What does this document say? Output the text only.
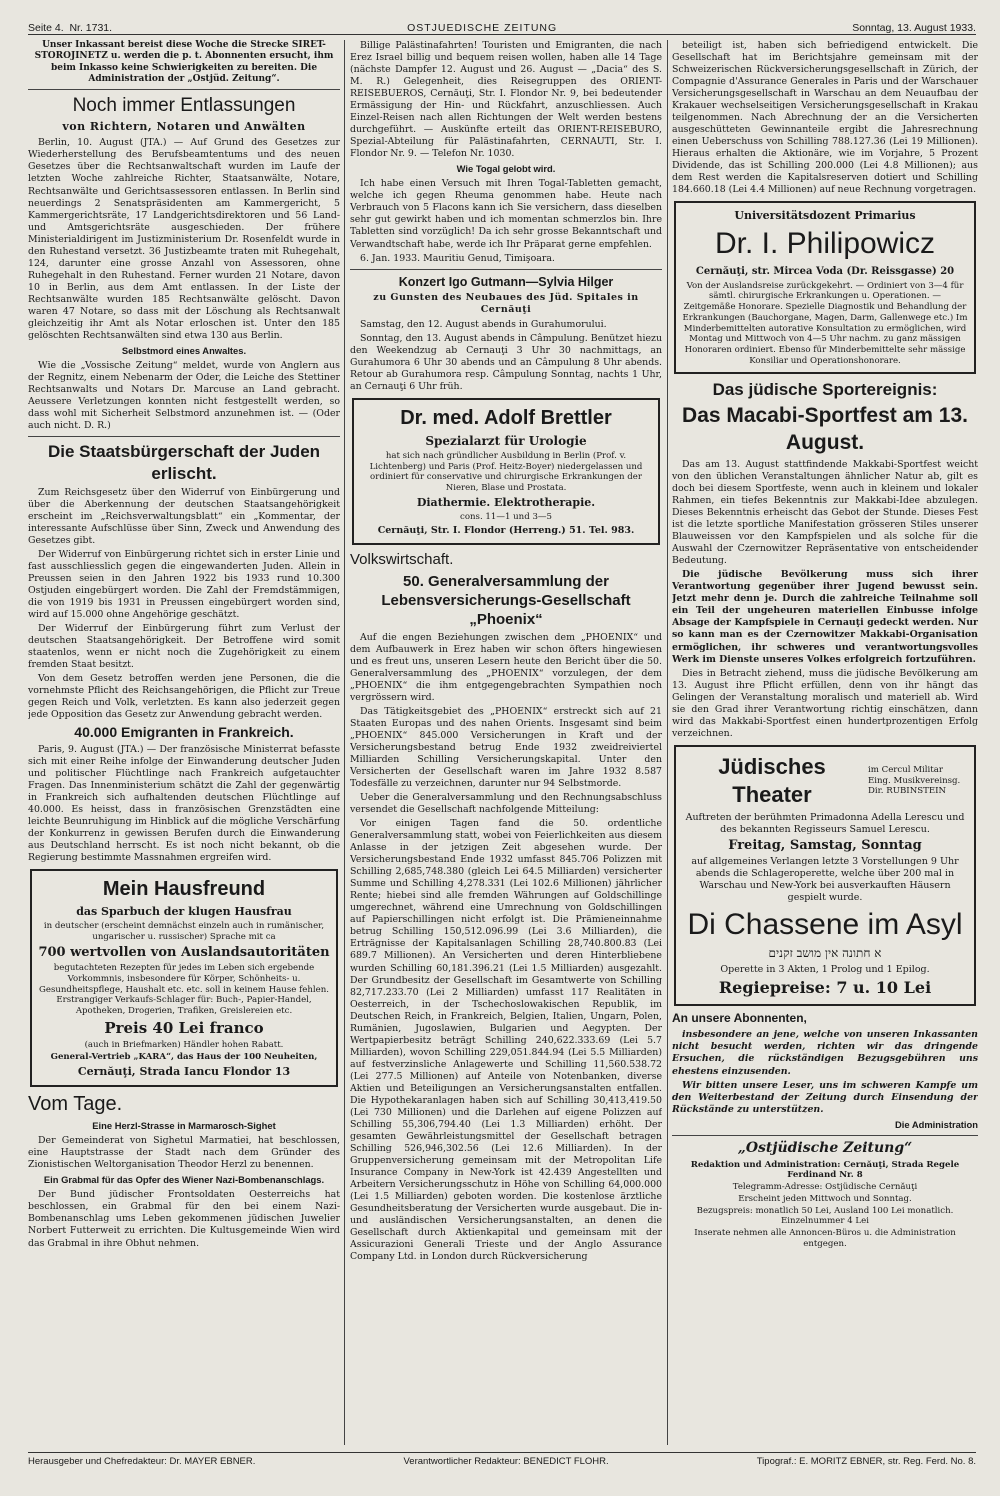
Seite 4. Nr. 1731.	OSTJUEDISCHE ZEITUNG	Sonntag, 13. August 1933.
Unser Inkassant bereist diese Woche die Strecke SIRET-STOROJINETZ u. werden die p. t. Abonnenten ersucht, ihm beim Inkasso keine Schwierigkeiten zu bereiten. Die Administration der „Ostjüd. Zeitung“.
Noch immer Entlassungen
von Richtern, Notaren und Anwälten

Berlin, 10. August (JTA.) — Auf Grund des Gesetzes zur Wiederherstellung des Berufsbeamtentums und des neuen Gesetzes über die Rechtsanwaltschaft wurden im Laufe der letzten Woche zahlreiche Richter, Staatsanwälte, Notare, Rechtsanwälte und Gerichtsassessoren entlassen. In Berlin sind neuerdings 2 Senatspräsidenten am Kammergericht, 5 Kammergerichtsräte, 17 Landgerichtsdirektoren und 56 Land- und Amtsgerichtsräte ausgeschieden. Der frühere Ministerialdirigent im Justizministerium Dr. Rosenfeldt wurde in den Ruhestand versetzt. 36 Justizbeamte traten mit Ruhegehalt, 124, darunter eine grosse Anzahl von Assessoren, ohne Ruhegehalt in den Ruhestand. Ferner wurden 21 Notare, davon 10 in Berlin, aus dem Amt entlassen. In der Liste der Rechtsanwälte wurden 185 Rechtsanwälte gelöscht. Davon waren 47 Notare, so dass mit der Löschung als Rechtsanwalt gleichzeitig ihr Amt als Notar erloschen ist. Unter den 185 gelöschten Rechtsanwälten sind etwa 130 aus Berlin.

Selbstmord eines Anwaltes.

Wie die „Vossische Zeitung“ meldet, wurde von Anglern aus der Regnitz, einem Nebenarm der Oder, die Leiche des Stettiner Rechtsanwalts und Notars Dr. Marcuse an Land gebracht. Aeussere Verletzungen konnten nicht festgestellt werden, so dass wohl mit Sicherheit Selbstmord anzunehmen ist. — (Oder auch nicht. D. R.)

Die Staatsbürgerschaft der Juden erlischt.

Zum Reichsgesetz über den Widerruf von Einbürgerung und über die Aberkennung der deutschen Staatsangehörigkeit erscheint im „Reichsverwaltungsblatt“ ein „Kommentar, der interessante Aufschlüsse über Sinn, Zweck und Anwendung des Gesetzes gibt.

Der Widerruf von Einbürgerung richtet sich in erster Linie und fast ausschliesslich gegen die eingewanderten Juden. Allein in Preussen seien in den Jahren 1922 bis 1933 rund 10.300 Ostjuden eingebürgert worden. Die Zahl der Fremdstämmigen, die von 1919 bis 1931 in Preussen eingebürgert worden sind, wird auf 15.000 ohne Angehörige geschätzt.

Der Widerruf der Einbürgerung führt zum Verlust der deutschen Staatsangehörigkeit. Der Betroffene wird somit staatenlos, wenn er nicht noch die Zugehörigkeit zu einem fremden Staat besitzt.

Von dem Gesetz betroffen werden jene Personen, die die vornehmste Pflicht des Reichsangehörigen, die Pflicht zur Treue gegen Reich und Volk, verletzten. Es kann also jederzeit gegen jede Opposition das Gesetz zur Anwendung gebracht werden.

40.000 Emigranten in Frankreich.

Paris, 9. August (JTA.) — Der französische Ministerrat befasste sich mit einer Reihe infolge der Einwanderung deutscher Juden und politischer Flüchtlinge nach Frankreich aufgetauchter Fragen. Das Innenministerium schätzt die Zahl der gegenwärtig in Frankreich sich aufhaltenden deutschen Flüchtlinge auf 40.000. Es heisst, dass in französischen Grenzstädten eine leichte Beunruhigung im Hinblick auf die mögliche Verschärfung der Konkurrenz in gewissen Berufen durch die Einwanderung aus Deutschland herrscht. Es ist noch nicht bekannt, ob die Regierung bestimmte Massnahmen ergreifen wird.

Mein Hausfreund
das Sparbuch der klugen Hausfrau
in deutscher (erscheint demnächst einzeln auch in rumänischer, ungarischer u. russischer) Sprache mit ca
700 wertvollen von Auslandsautoritäten
begutachteten Rezepten für jedes im Leben sich ergebende Vorkommnis, insbesondere für Körper, Schönheits- u. Gesundheitspflege, Haushalt etc. etc. soll in keinem Hause fehlen. Erstrangiger Verkaufs-Schlager für: Buch-, Papier-Handel, Apotheken, Drogerien, Trafiken, Greislereien etc.
Preis 40 Lei franco
(auch in Briefmarken) Händler hohen Rabatt.
General-Vertrieb „KARA“, das Haus der 100 Neuheiten,
Cernăuţi, Strada Iancu Flondor 13
Vom Tage.
Eine Herzl-Strasse in Marmarosch-Sighet

Der Gemeinderat von Sighetul Marmatiei, hat beschlossen, eine Hauptstrasse der Stadt nach dem Gründer des Zionistischen Weltorganisation Theodor Herzl zu benennen.

Ein Grabmal für das Opfer des Wiener Nazi-Bombenanschlags.

Der Bund jüdischer Frontsoldaten Oesterreichs hat beschlossen, ein Grabmal für den bei einem Nazi-Bombenanschlag ums Leben gekommenen jüdischen Juwelier Norbert Futterweit zu errichten. Die Kultusgemeinde Wien wird das Grabmal in ihre Obhut nehmen.

Billige Palästinafahrten! Touristen und Emigranten, die nach Erez Israel billig und bequem reisen wollen, haben alle 14 Tage (nächste Dampfer 12. August und 26. August — „Dacia“ des S. M. R.) Gelegenheit, dies Reisegruppen des ORIENT-REISEBUEROS, Cernăuţi, Str. I. Flondor Nr. 9, bei bedeutender Ermässigung der Hin- und Rückfahrt, anzuschliessen. Auch Einzel-Reisen nach allen Richtungen der Welt werden bestens durchgeführt. — Auskünfte erteilt das ORIENT-REISEBURO, Spezial-Abteilung für Palästinafahrten, CERNAUTI, Str. I. Flondor Nr. 9. — Telefon Nr. 1030.

Wie Togal gelobt wird.

Ich habe einen Versuch mit Ihren Togal-Tabletten gemacht, welche ich gegen Rheuma genommen habe. Heute nach Verbrauch von 5 Flacons kann ich Sie versichern, dass dieselben sehr gut gewirkt haben und ich momentan schmerzlos bin. Ihre Tabletten sind vorzüglich! Da ich sehr grosse Bekanntschaft und Verwandtschaft habe, werde ich Ihr Präparat gerne empfehlen.

6. Jan. 1933. Mauritiu Genud, Timişoara.

Konzert Igo Gutmann—Sylvia Hilger
zu Gunsten des Neubaues des Jüd. Spitales in Cernăuţi

Samstag, den 12. August abends in Gurahumorului.

Sonntag, den 13. August abends in Câmpulung. Benützet hiezu den Weekendzug ab Cernauţi 3 Uhr 30 nachmittags, an Gurahumora 6 Uhr 30 abends und an Câmpulung 8 Uhr abends. Retour ab Gurahumora resp. Câmpulung Sonntag, nachts 1 Uhr, an Cernauţi 6 Uhr früh.

Dr. med. Adolf Brettler
Spezialarzt für Urologie
hat sich nach gründlicher Ausbildung in Berlin (Prof. v. Lichtenberg) und Paris (Prof. Heitz-Boyer) niedergelassen und ordiniert für conservative und chirurgische Erkrankungen der Nieren, Blase und Prostata.
Diathermie. Elektrotherapie.
cons. 11—1 und 3—5
Cernăuţi, Str. I. Flondor (Herreng.) 51. Tel. 983.
Volkswirtschaft.
50. Generalversammlung der Lebensversicherungs-Gesellschaft „Phoenix“

Auf die engen Beziehungen zwischen dem „PHOENIX“ und dem Aufbauwerk in Erez haben wir schon öfters hingewiesen und es freut uns, unseren Lesern heute den Bericht über die 50. Generalversammlung des „PHOENIX“ vorzulegen, der dem „PHOENIX“ die ihm entgegengebrachten Sympathien noch vergrössern wird.

Das Tätigkeitsgebiet des „PHOENIX“ erstreckt sich auf 21 Staaten Europas und des nahen Orients. Insgesamt sind beim „PHOENIX“ 845.000 Versicherungen in Kraft und der Versicherungsbestand betrug Ende 1932 zweidreiviertel Milliarden Schilling Versicherungskapital. Unter den Versicherten der Gesellschaft waren im Jahre 1932 8.587 Todesfälle zu verzeichnen, darunter nur 94 Selbstmorde.

Ueber die Generalversammlung und den Rechnungsabschluss versendet die Gesellschaft nachfolgende Mitteilung:

Vor einigen Tagen fand die 50. ordentliche Generalversammlung statt, wobei von Feierlichkeiten aus diesem Anlasse in der jetzigen Zeit abgesehen wurde. Der Versicherungsbestand Ende 1932 umfasst 845.706 Polizzen mit Schilling 2,685,748.380 (gleich Lei 64.5 Milliarden) versicherter Summe und Schilling 4,278.331 (Lei 102.6 Millionen) jährlicher Rente; hiebei sind alle fremden Währungen auf Goldschillinge umgerechnet, während eine Umrechnung von Goldschillingen auf Papierschillingen nicht erfolgt ist. Die Prämieneinnahme betrug Schilling 150,512.096.99 (Lei 3.6 Milliarden), die Erträgnisse der Kapitalsanlagen Schilling 28,740.800.83 (Lei 689.7 Millionen). An Versicherten und deren Hinterbliebene wurden Schilling 60,181.396.21 (Lei 1.5 Milliarden) ausgezahlt. Der Grundbesitz der Gesellschaft im Gesamtwerte von Schilling 82,717.233.70 (Lei 2 Milliarden) umfasst 117 Realitäten in Oesterreich, in der Tschechoslowakischen Republik, im Deutschen Reich, in Frankreich, Belgien, Italien, Ungarn, Polen, Rumänien, Jugoslawien, Bulgarien und Aegypten. Der Wertpapierbesitz beträgt Schilling 240,622.333.69 (Lei 5.7 Milliarden), wovon Schilling 229,051.844.94 (Lei 5.5 Milliarden) auf festverzinsliche Anlagewerte und Schilling 11,560.538.72 (Lei 277.5 Millionen) auf Anteile von Notenbanken, diverse Aktien und Beteiligungen an Versicherungsanstalten entfallen. Die Hypothekaranlagen haben sich auf Schilling 30,413,419.50 (Lei 730 Millionen) und die Darlehen auf eigene Polizzen auf Schilling 55,306,794.40 (Lei 1.3 Milliarden) erhöht. Der gesamten Gewährleistungsmittel der Gesellschaft betragen Schilling 526,946,302.56 (Lei 12.6 Milliarden). In der Gruppenversicherung gemeinsam mit der Metropolitan Life Insurance Company in New-York ist 42.439 Angestellten und Arbeitern Versicherungsschutz in Höhe von Schilling 64,000.000 (Lei 1.5 Milliarden) geboten worden. Die kostenlose ärztliche Gesundheitsberatung der Versicherten wurde ausgebaut. Die in- und ausländischen Versicherungsanstalten, an denen die Gesellschaft durch Aktienkapital und gemeinsam mit der Assicurazioni Generali Trieste und der Anglo Assurance Company Ltd. in London durch Rückversicherung

beteiligt ist, haben sich befriedigend entwickelt. Die Gesellschaft hat im Berichtsjahre gemeinsam mit der Schweizerischen Rückversicherungsgesellschaft in Zürich, der Compagnie d'Assurance Generales in Paris und der Warschauer Versicherungsgesellschaft in Warschau an dem Neuaufbau der Krakauer wechselseitigen Versicherungsgesellschaft in Krakau teilgenommen. Nach Abrechnung der an die Versicherten ausgeschütteten Gewinnanteile ergibt die Jahresrechnung einen Ueberschuss von Schilling 788.127.36 (Lei 19 Millionen). Hieraus erhalten die Aktionäre, wie im Vorjahre, 5 Prozent Dividende, das ist Schilling 200.000 (Lei 4.8 Millionen); aus dem Rest werden die Kapitalsreserven dotiert und Schilling 184.660.18 (Lei 4.4 Millionen) auf neue Rechnung vorgetragen.

Universitätsdozent Primarius
Dr. I. Philipowicz
Cernăuţi, str. Mircea Voda (Dr. Reissgasse) 20
Von der Auslandsreise zurückgekehrt. — Ordiniert von 3—4 für sämtl. chirurgische Erkrankungen u. Operationen. — Zeitgemäße Honorare. Spezielle Diagnostik und Behandlung der Erkrankungen (Bauchorgane, Magen, Darm, Gallenwege etc.) Im Minderbemittelten autorative Konsultation zu ermöglichen, wird Montag und Mittwoch von 4—5 Uhr nachm. zu ganz mässigen Honoraren ordiniert. Ebenso für Minderbemittelte sehr mässige Konsiliar und Operationshonorare.
Das jüdische Sportereignis:
Das Macabi-Sportfest am 13. August.

Das am 13. August stattfindende Makkabi-Sportfest weicht von den üblichen Veranstaltungen ähnlicher Natur ab, gilt es doch bei diesem Sportfeste, wenn auch in kleinem und lokaler Rahmen, ein tiefes Bekenntnis zur Makkabi-Idee abzulegen. Dieses Bekenntnis erheischt das Gebot der Stunde. Dieses Fest ist die letzte sportliche Manifestation grösseren Stiles unserer Blauweissen vor den Kampfspielen und als solche für die Auswahl der Czernowitzer Repräsentative von entscheidender Bedeutung.

Die jüdische Bevölkerung muss sich ihrer Verantwortung gegenüber ihrer Jugend bewusst sein. Jetzt mehr denn je. Durch die zahlreiche Teilnahme soll ein Teil der ungeheuren materiellen Einbusse infolge Absage der Kampfspiele in Cernauţi gedeckt werden. Nur so kann man es der Czernowitzer Makkabi-Organisation ermöglichen, ihr schweres und verantwortungsvolles Werk im Dienste unseres Volkes erfolgreich fortzuführen.

Dies in Betracht ziehend, muss die jüdische Bevölkerung am 13. August ihre Pflicht erfüllen, denn von ihr hängt das Gelingen der Veranstaltung moralisch und materiell ab. Wird sie den Grad ihrer Verantwortung richtig einschätzen, dann wird das Makkabi-Sportfest einen hundertprozentigen Erfolg verzeichnen.

Jüdisches Theater
im Cercul Militar Eing. Musikvereinsg. Dir. RUBINSTEIN
Auftreten der berühmten Primadonna Adella Lerescu und des bekannten Regisseurs Samuel Lerescu.
Freitag, Samstag, Sonntag
auf allgemeines Verlangen letzte 3 Vorstellungen 9 Uhr abends die Schlageroperette, welche über 200 mal in Warschau und New-York bei ausverkauften Häusern gespielt wurde.
Di Chassene im Asyl
א חתונה אין מושב זקנים
Operette in 3 Akten, 1 Prolog und 1 Epilog.
Regiepreise: 7 u. 10 Lei
An unsere Abonnenten,

insbesondere an jene, welche von unseren Inkassanten nicht besucht werden, richten wir das dringende Ersuchen, die rückständigen Bezugsgebühren uns ehestens einzusenden.

Wir bitten unsere Leser, uns im schweren Kampfe um den Weiterbestand der Zeitung durch Einsendung der Rückstände zu unterstützen.

Die Administration
„Ostjüdische Zeitung“
Redaktion und Administration: Cernăuţi, Strada Regele Ferdinand Nr. 8
Telegramm-Adresse: Ostjüdische Cernăuţi
Erscheint jeden Mittwoch und Sonntag.
Bezugspreis: monatlich 50 Lei, Ausland 100 Lei monatlich. Einzelnummer 4 Lei
Inserate nehmen alle Annoncen-Büros u. die Administration entgegen.
Herausgeber und Chefredakteur: Dr. MAYER EBNER.	Verantwortlicher Redakteur: BENEDICT FLOHR.	Tipograf.: E. MORITZ EBNER, str. Reg. Ferd. No. 8.
